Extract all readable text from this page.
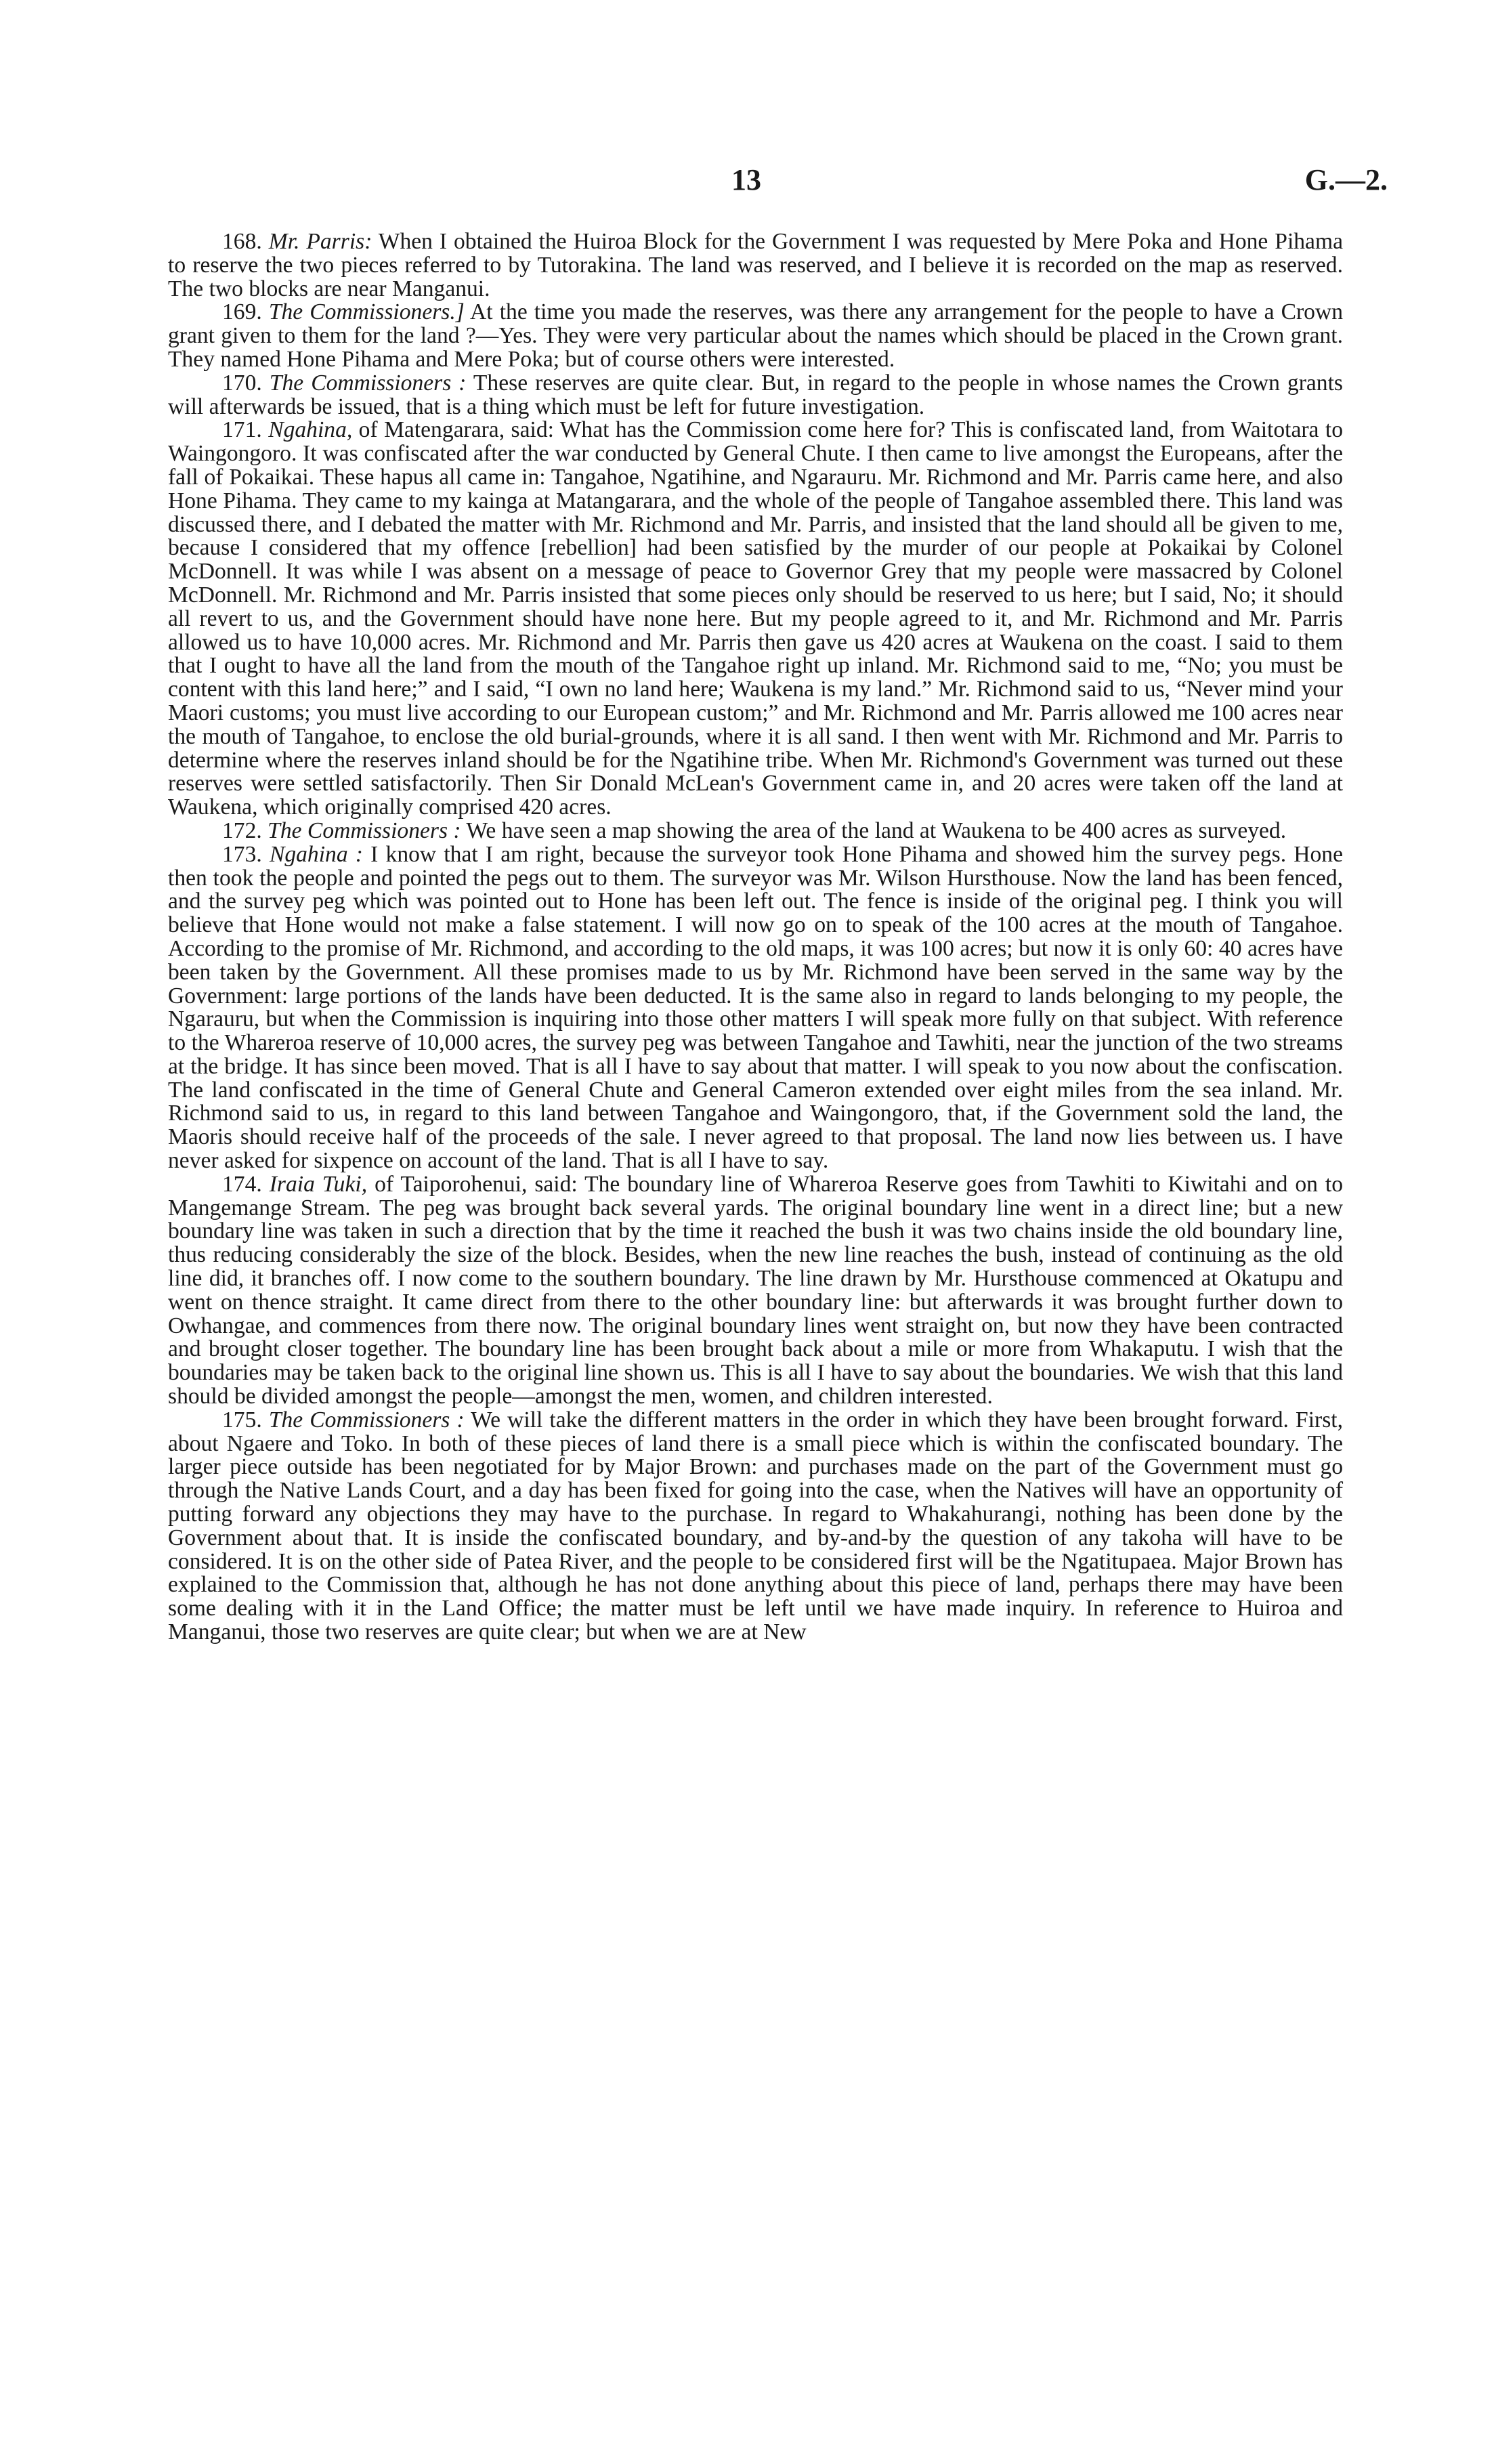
13	G.—2.

168. Mr. Parris: When I obtained the Huiroa Block for the Government I was requested by Mere Poka and Hone Pihama to reserve the two pieces referred to by Tutorakina. The land was reserved, and I believe it is recorded on the map as reserved. The two blocks are near Manganui.

169. The Commissioners.] At the time you made the reserves, was there any arrangement for the people to have a Crown grant given to them for the land ?—Yes. They were very particular about the names which should be placed in the Crown grant. They named Hone Pihama and Mere Poka; but of course others were interested.

170. The Commissioners : These reserves are quite clear. But, in regard to the people in whose names the Crown grants will afterwards be issued, that is a thing which must be left for future investigation.

171. Ngahina, of Matengarara, said: What has the Commission come here for? This is confiscated land, from Waitotara to Waingongoro. It was confiscated after the war conducted by General Chute. I then came to live amongst the Europeans, after the fall of Pokaikai. These hapus all came in: Tangahoe, Ngatihine, and Ngarauru. Mr. Richmond and Mr. Parris came here, and also Hone Pihama. They came to my kainga at Matangarara, and the whole of the people of Tangahoe assembled there. This land was discussed there, and I debated the matter with Mr. Richmond and Mr. Parris, and insisted that the land should all be given to me, because I considered that my offence [rebellion] had been satisfied by the murder of our people at Pokaikai by Colonel McDonnell. It was while I was absent on a message of peace to Governor Grey that my people were massacred by Colonel McDonnell. Mr. Richmond and Mr. Parris insisted that some pieces only should be reserved to us here; but I said, No; it should all revert to us, and the Government should have none here. But my people agreed to it, and Mr. Richmond and Mr. Parris allowed us to have 10,000 acres. Mr. Richmond and Mr. Parris then gave us 420 acres at Waukena on the coast. I said to them that I ought to have all the land from the mouth of the Tangahoe right up inland. Mr. Richmond said to me, “No; you must be content with this land here;” and I said, “I own no land here; Waukena is my land.” Mr. Richmond said to us, “Never mind your Maori customs; you must live according to our European custom;” and Mr. Richmond and Mr. Parris allowed me 100 acres near the mouth of Tangahoe, to enclose the old burial-grounds, where it is all sand. I then went with Mr. Richmond and Mr. Parris to determine where the reserves inland should be for the Ngatihine tribe. When Mr. Richmond's Government was turned out these reserves were settled satisfactorily. Then Sir Donald McLean's Government came in, and 20 acres were taken off the land at Waukena, which originally comprised 420 acres.

172. The Commissioners : We have seen a map showing the area of the land at Waukena to be 400 acres as surveyed.

173. Ngahina : I know that I am right, because the surveyor took Hone Pihama and showed him the survey pegs. Hone then took the people and pointed the pegs out to them. The surveyor was Mr. Wilson Hursthouse. Now the land has been fenced, and the survey peg which was pointed out to Hone has been left out. The fence is inside of the original peg. I think you will believe that Hone would not make a false statement. I will now go on to speak of the 100 acres at the mouth of Tangahoe. According to the promise of Mr. Richmond, and according to the old maps, it was 100 acres; but now it is only 60: 40 acres have been taken by the Government. All these promises made to us by Mr. Richmond have been served in the same way by the Government: large portions of the lands have been deducted. It is the same also in regard to lands belonging to my people, the Ngarauru, but when the Commission is inquiring into those other matters I will speak more fully on that subject. With reference to the Whareroa reserve of 10,000 acres, the survey peg was between Tangahoe and Tawhiti, near the junction of the two streams at the bridge. It has since been moved. That is all I have to say about that matter. I will speak to you now about the confiscation. The land confiscated in the time of General Chute and General Cameron extended over eight miles from the sea inland. Mr. Richmond said to us, in regard to this land between Tangahoe and Waingongoro, that, if the Government sold the land, the Maoris should receive half of the proceeds of the sale. I never agreed to that proposal. The land now lies between us. I have never asked for sixpence on account of the land. That is all I have to say.

174. Iraia Tuki, of Taiporohenui, said: The boundary line of Whareroa Reserve goes from Tawhiti to Kiwitahi and on to Mangemange Stream. The peg was brought back several yards. The original boundary line went in a direct line; but a new boundary line was taken in such a direction that by the time it reached the bush it was two chains inside the old boundary line, thus reducing considerably the size of the block. Besides, when the new line reaches the bush, instead of continuing as the old line did, it branches off. I now come to the southern boundary. The line drawn by Mr. Hursthouse commenced at Okatupu and went on thence straight. It came direct from there to the other boundary line: but afterwards it was brought further down to Owhangae, and commences from there now. The original boundary lines went straight on, but now they have been contracted and brought closer together. The boundary line has been brought back about a mile or more from Whakaputu. I wish that the boundaries may be taken back to the original line shown us. This is all I have to say about the boundaries. We wish that this land should be divided amongst the people—amongst the men, women, and children interested.

175. The Commissioners : We will take the different matters in the order in which they have been brought forward. First, about Ngaere and Toko. In both of these pieces of land there is a small piece which is within the confiscated boundary. The larger piece outside has been negotiated for by Major Brown: and purchases made on the part of the Government must go through the Native Lands Court, and a day has been fixed for going into the case, when the Natives will have an opportunity of putting forward any objections they may have to the purchase. In regard to Whakahurangi, nothing has been done by the Government about that. It is inside the confiscated boundary, and by-and-by the question of any takoha will have to be considered. It is on the other side of Patea River, and the people to be considered first will be the Ngatitupaea. Major Brown has explained to the Commission that, although he has not done anything about this piece of land, perhaps there may have been some dealing with it in the Land Office; the matter must be left until we have made inquiry. In reference to Huiroa and Manganui, those two reserves are quite clear; but when we are at New
